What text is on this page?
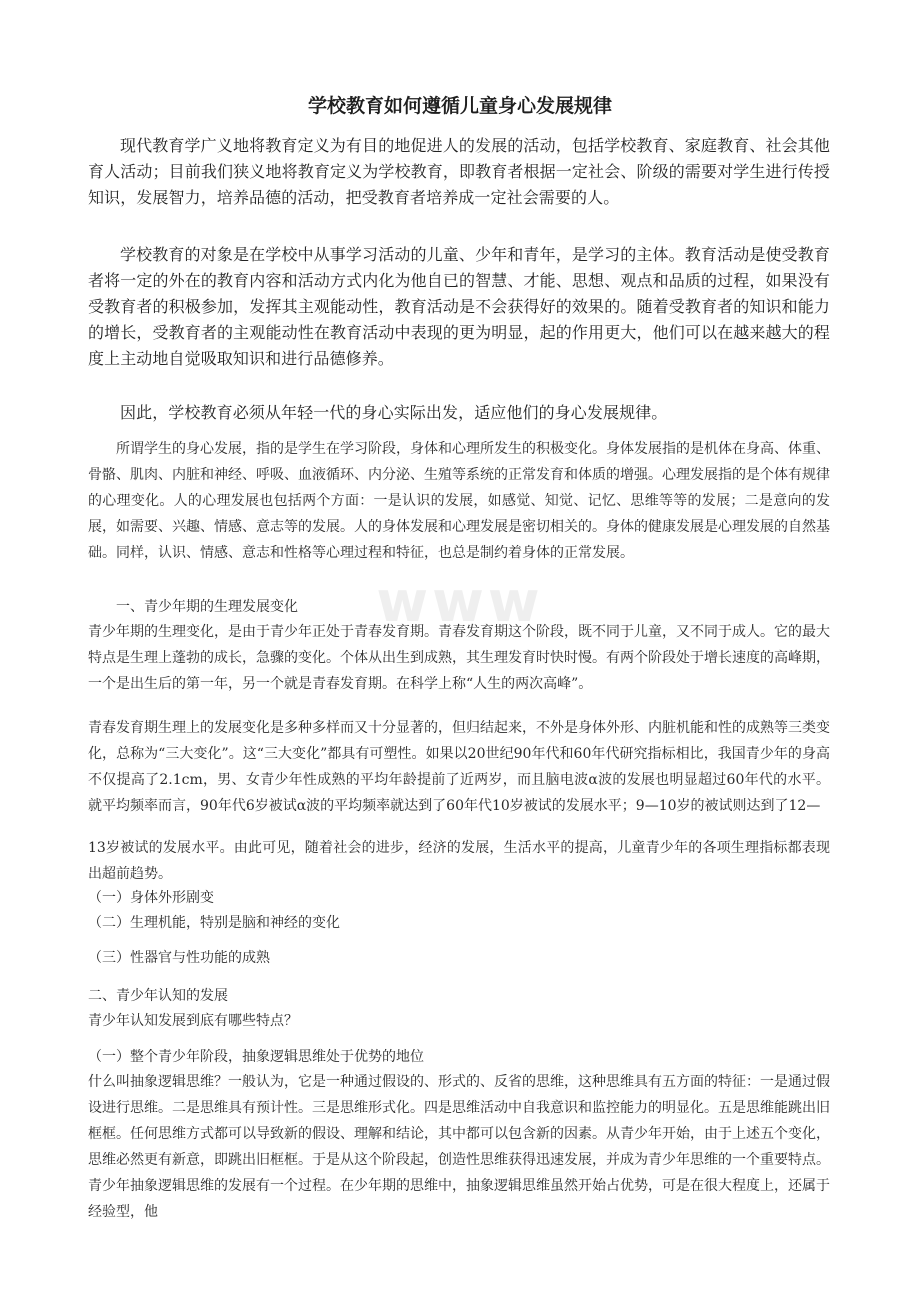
www
学校教育如何遵循儿童身心发展规律

现代教育学广义地将教育定义为有目的地促进人的发展的活动，包括学校教育、家庭教育、社会其他育人活动；目前我们狭义地将教育定义为学校教育，即教育者根据一定社会、阶级的需要对学生进行传授知识，发展智力，培养品德的活动，把受教育者培养成一定社会需要的人。

学校教育的对象是在学校中从事学习活动的儿童、少年和青年，是学习的主体。教育活动是使受教育者将一定的外在的教育内容和活动方式内化为他自已的智慧、才能、思想、观点和品质的过程，如果没有受教育者的积极参加，发挥其主观能动性，教育活动是不会获得好的效果的。随着受教育者的知识和能力的增长，受教育者的主观能动性在教育活动中表现的更为明显，起的作用更大，他们可以在越来越大的程度上主动地自觉吸取知识和进行品德修养。

因此，学校教育必须从年轻一代的身心实际出发，适应他们的身心发展规律。

所谓学生的身心发展，指的是学生在学习阶段，身体和心理所发生的积极变化。身体发展指的是机体在身高、体重、骨骼、肌肉、内脏和神经、呼吸、血液循环、内分泌、生殖等系统的正常发育和体质的增强。心理发展指的是个体有规律的心理变化。人的心理发展也包括两个方面：一是认识的发展，如感觉、知觉、记忆、思维等等的发展；二是意向的发展，如需要、兴趣、情感、意志等的发展。人的身体发展和心理发展是密切相关的。身体的健康发展是心理发展的自然基础。同样，认识、情感、意志和性格等心理过程和特征，也总是制约着身体的正常发展。

一、青少年期的生理发展变化

青少年期的生理变化，是由于青少年正处于青春发育期。青春发育期这个阶段，既不同于儿童，又不同于成人。它的最大特点是生理上蓬勃的成长，急骤的变化。个体从出生到成熟，其生理发育时快时慢。有两个阶段处于增长速度的高峰期，一个是出生后的第一年，另一个就是青春发育期。在科学上称“人生的两次高峰”。

青春发育期生理上的发展变化是多种多样而又十分显著的，但归结起来，不外是身体外形、内脏机能和性的成熟等三类变化，总称为“三大变化”。这“三大变化”都具有可塑性。如果以20世纪90年代和60年代研究指标相比，我国青少年的身高不仅提高了2.1cm，男、女青少年性成熟的平均年龄提前了近两岁，而且脑电波α波的发展也明显超过60年代的水平。就平均频率而言，90年代6岁被试α波的平均频率就达到了60年代10岁被试的发展水平；9—10岁的被试则达到了12—

13岁被试的发展水平。由此可见，随着社会的进步，经济的发展，生活水平的提高，儿童青少年的各项生理指标都表现出超前趋势。

（一）身体外形剧变

（二）生理机能，特别是脑和神经的变化

（三）性器官与性功能的成熟

二、青少年认知的发展

青少年认知发展到底有哪些特点？

（一）整个青少年阶段，抽象逻辑思维处于优势的地位

什么叫抽象逻辑思维？一般认为，它是一种通过假设的、形式的、反省的思维，这种思维具有五方面的特征：一是通过假设进行思维。二是思维具有预计性。三是思维形式化。四是思维活动中自我意识和监控能力的明显化。五是思维能跳出旧框框。任何思维方式都可以导致新的假设、理解和结论，其中都可以包含新的因素。从青少年开始，由于上述五个变化，思维必然更有新意，即跳出旧框框。于是从这个阶段起，创造性思维获得迅速发展，并成为青少年思维的一个重要特点。青少年抽象逻辑思维的发展有一个过程。在少年期的思维中，抽象逻辑思维虽然开始占优势，可是在很大程度上，还属于经验型，他
